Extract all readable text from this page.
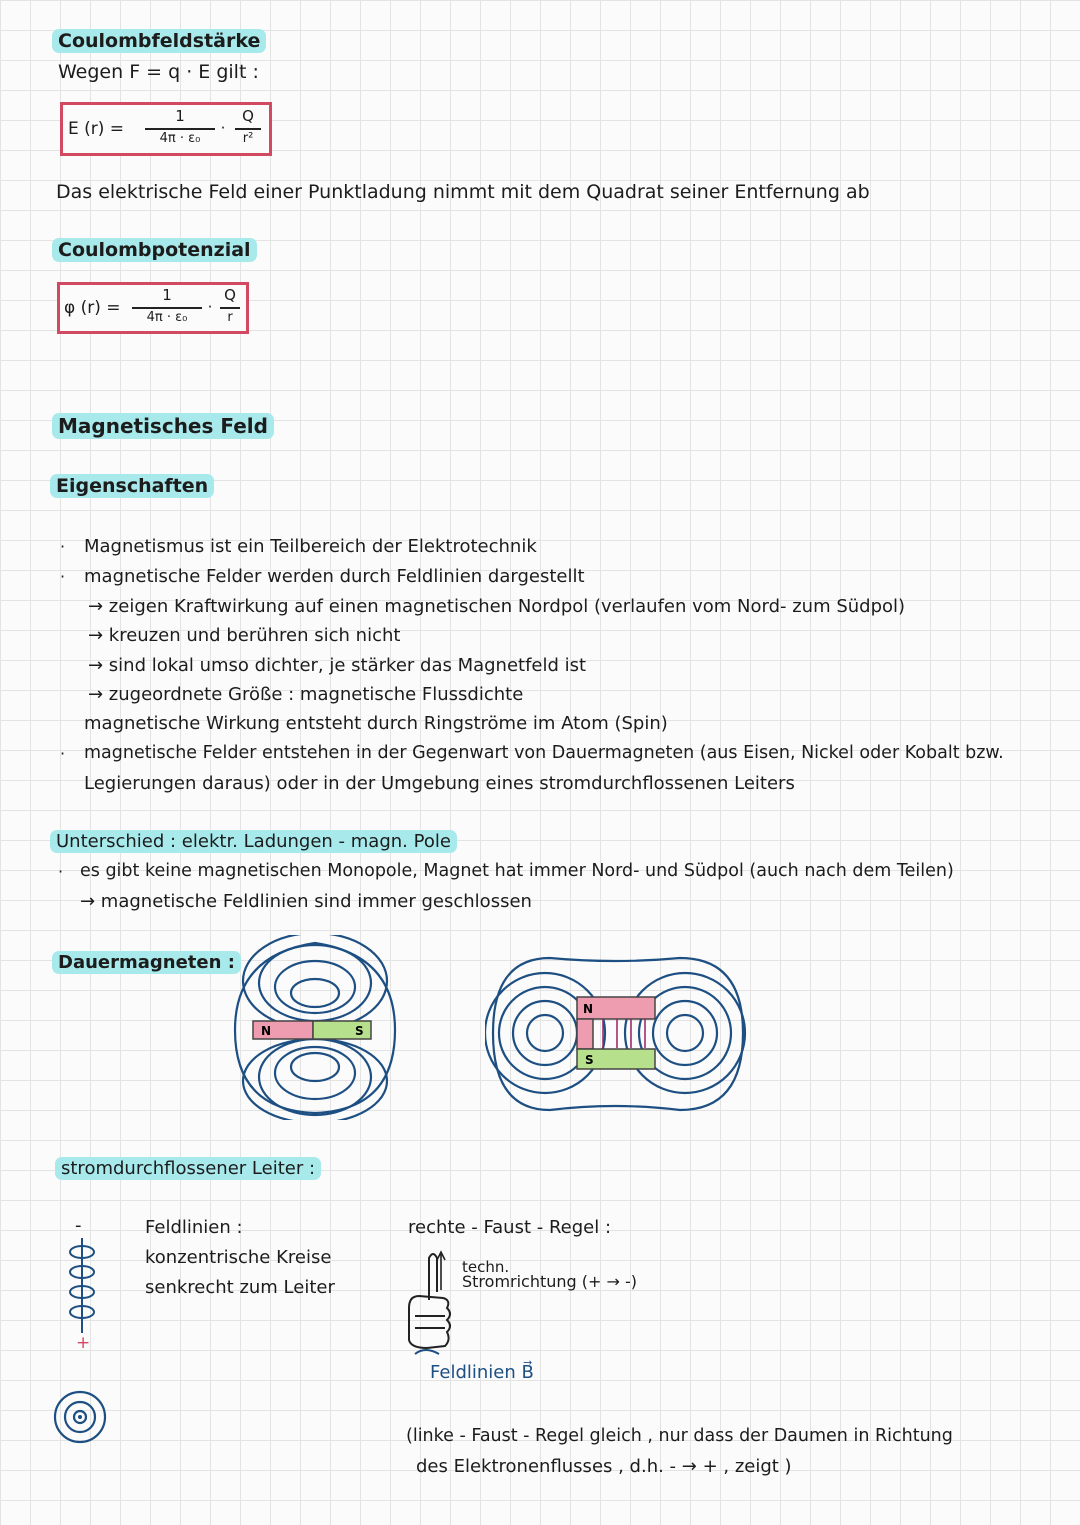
Coulombfeldstärke
Wegen F = q · E gilt :
E (r) =
1
4π · ε₀
·
Q
r²
Das elektrische Feld einer Punktladung nimmt mit dem Quadrat seiner Entfernung ab
Coulombpotenzial
φ (r) =
1
4π · ε₀
·
Q
r
Magnetisches Feld
Eigenschaften
· Magnetismus ist ein Teilbereich der Elektrotechnik
· magnetische Felder werden durch Feldlinien dargestellt
→ zeigen Kraftwirkung auf einen magnetischen Nordpol (verlaufen vom Nord- zum Südpol)
→ kreuzen und berühren sich nicht
→ sind lokal umso dichter, je stärker das Magnetfeld ist
→ zugeordnete Größe : magnetische Flussdichte
magnetische Wirkung entsteht durch Ringströme im Atom (Spin)
· magnetische Felder entstehen in der Gegenwart von Dauermagneten (aus Eisen, Nickel oder Kobalt bzw.
Legierungen daraus) oder in der Umgebung eines stromdurchflossenen Leiters
Unterschied : elektr. Ladungen - magn. Pole
· es gibt keine magnetischen Monopole, Magnet hat immer Nord- und Südpol (auch nach dem Teilen)
→ magnetische Feldlinien sind immer geschlossen
Dauermagneten :
N	S
N
S
stromdurchflossener Leiter :
-
+
Feldlinien :
konzentrische Kreise
senkrecht zum Leiter
rechte - Faust - Regel :
techn.
Stromrichtung (+ → -)
Feldlinien B⃗
(linke - Faust - Regel gleich , nur dass der Daumen in Richtung
des Elektronenflusses , d.h. - → + , zeigt )
